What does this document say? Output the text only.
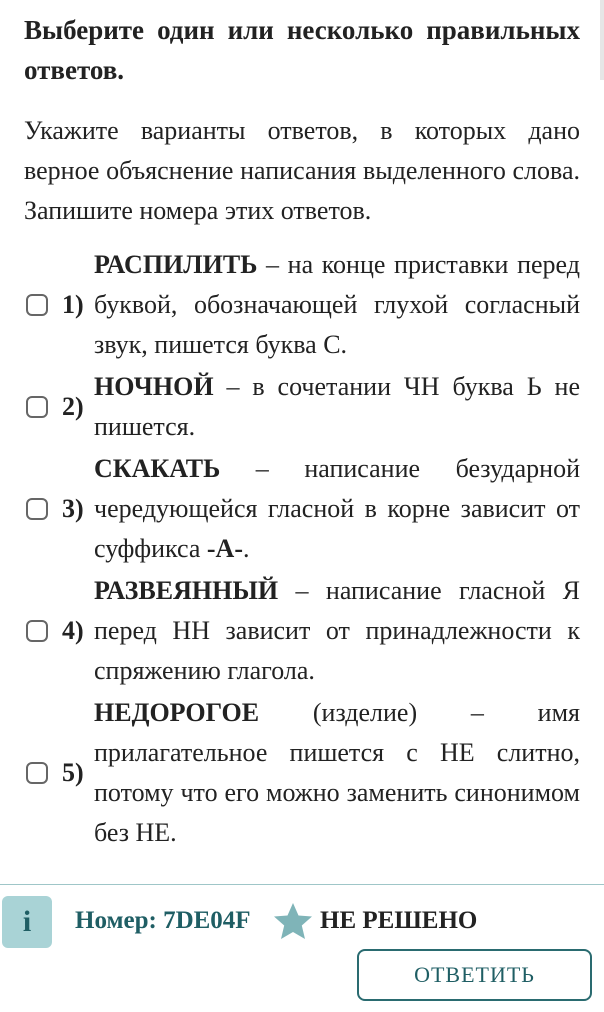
Выберите один или несколько правильных ответов.

Укажите варианты ответов, в которых дано верное объяснение написания выделенного слова. Запишите номера этих ответов.

1)
РАСПИЛИТЬ – на конце приставки перед буквой, обозначающей глухой согласный звук, пишется буква С.
2)
НОЧНОЙ – в сочетании ЧН буква Ь не пишется.
3)
СКАКАТЬ – написание безударной чередующейся гласной в корне зависит от суффикса -А-.
4)
РАЗВЕЯННЫЙ – написание гласной Я перед НН зависит от принадлежности к спряжению глагола.
5)
НЕДОРОГОЕ (изделие) – имя прилагательное пишется с НЕ слитно, потому что его можно заменить синонимом без НЕ.
i	Номер: 7DE04F	НЕ РЕШЕНО
ОТВЕТИТЬ
